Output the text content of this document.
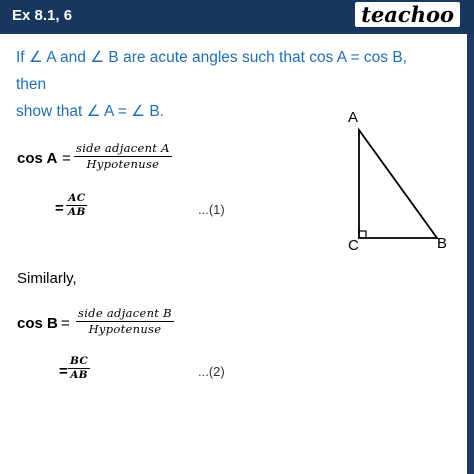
Ex 8.1, 6	teachoo
If ∠ A and ∠ B are acute angles such that cos A = cos B, then
show that ∠ A = ∠ B.	A
B
C
cos A =
side adjacent A
Hypotenuse
= $\frac{AC}{AB}$	...(1)
Similarly,
cos B =
side adjacent B
Hypotenuse
= $\frac{BC}{AB}$	...(2)
